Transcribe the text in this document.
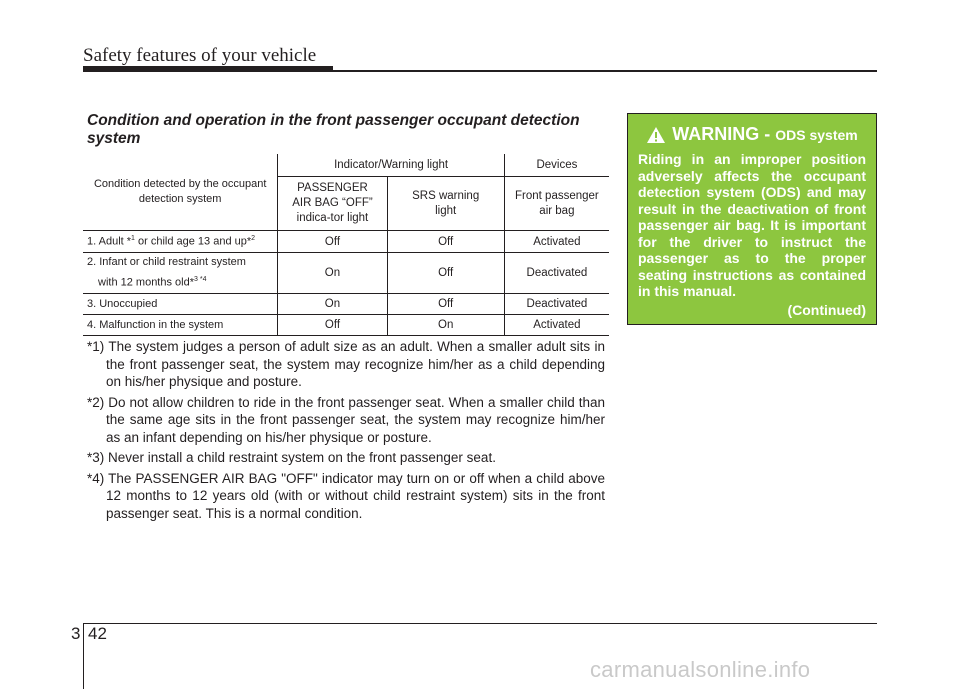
Safety features of your vehicle
Condition and operation in the front passenger occupant detection system
Condition detected by the occupant detection system	Indicator/Warning light		Devices
	PASSENGER AIR BAG “OFF” indica-tor light	SRS warning light	Front passenger air bag
1. Adult *$^1$ or child age 13 and up*$^2$	Off	Off	Activated

2. Infant or child restraint system
with 12 months old*$^3$ $^{*4}$	On	Off	Deactivated
3. Unoccupied	On	Off	Deactivated
4. Malfunction in the system	Off	On	Activated
*1) The system judges a person of adult size as an adult. When a smaller adult sits in the front passenger seat, the system may recognize him/her as a child depending on his/her physique and posture.
*2) Do not allow children to ride in the front passenger seat. When a smaller child than the same age sits in the front passenger seat, the system may recognize him/her as an infant depending on his/her physique or posture.
*3) Never install a child restraint system on the front passenger seat.
*4) The PASSENGER AIR BAG "OFF" indicator may turn on or off when a child above 12 months to 12 years old (with or without child restraint system) sits in the front passenger seat. This is a normal condition.
WARNING - ODS system
Riding in an improper position adversely affects the occupant detection system (ODS) and may result in the deactivation of front passenger air bag. It is important for the driver to instruct the passenger as to the proper seating instructions as contained in this manual.
(Continued)
3 42
carmanualsonline.info
